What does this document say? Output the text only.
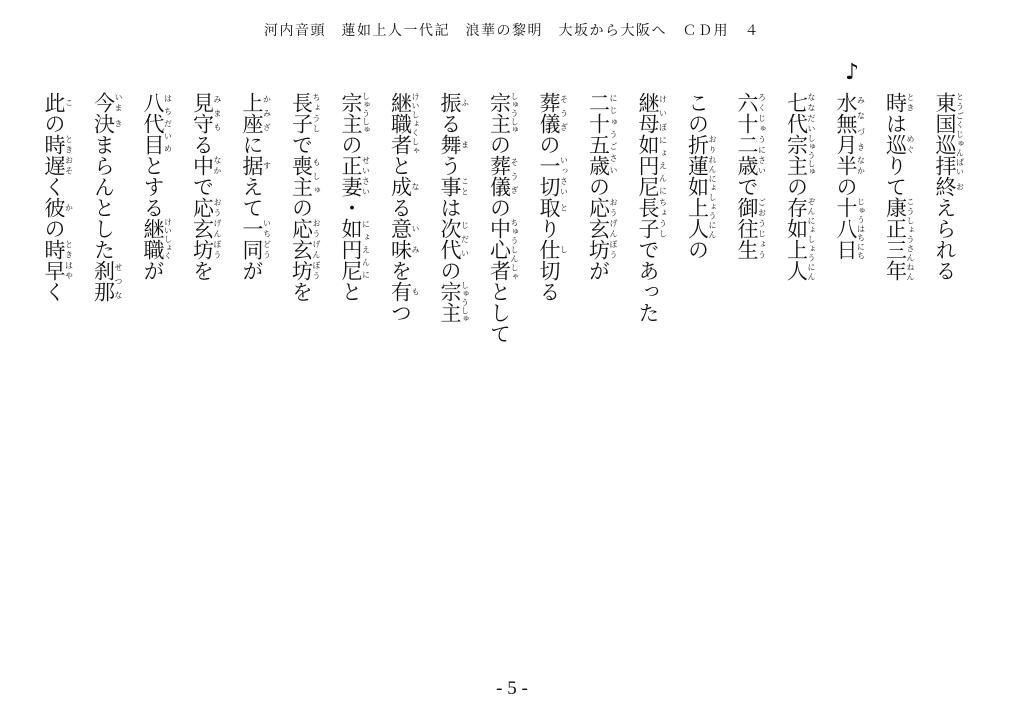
河内音頭　蓮如上人一代記　浪華の黎明　大坂から大阪へ　ＣＤ用　４
♪
東国巡拝とうごくじゅんぱい終おえられる
時ときは巡めぐりて康正三年こうしょうさんねん
水無月みなづき半なかの十八日じゅうはちにち
七代ななだい宗主しゅうしゅの存如上人ぞんにょしょうにん
六十二歳ろくじゅうにさいで御往生ごおうじょう
この折おり蓮如上人れんにょしょうにんの
継母けいぼ如円尼にょえんに長子ちょうしであった
二十五歳にじゅうごさいの応玄坊おうげんぼうが
葬儀そうぎの一切いっさい取とり仕し切る
宗主しゅうしゅの葬儀そうぎの中心者ちゅうしんしゃとして
振ふる舞まう事ことは次代じだいの宗主しゅうしゅ
継職者けいしょくしゃと成なる意味いみを有もつ
宗主しゅうしゅの正妻せいさい・如円尼にょえんにと
長子ちょうしで喪主もしゅの応玄坊おうげんぼうを
上座かみざに据すえて一同いちどうが
見守みまもる中なかで応玄坊おうげんぼうを
八代目はちだいめとする継職けいしょくが
今いま決きまらんとした刹那せつな
此この時とき遅おそく彼かの時とき早はやく
- 5 -
